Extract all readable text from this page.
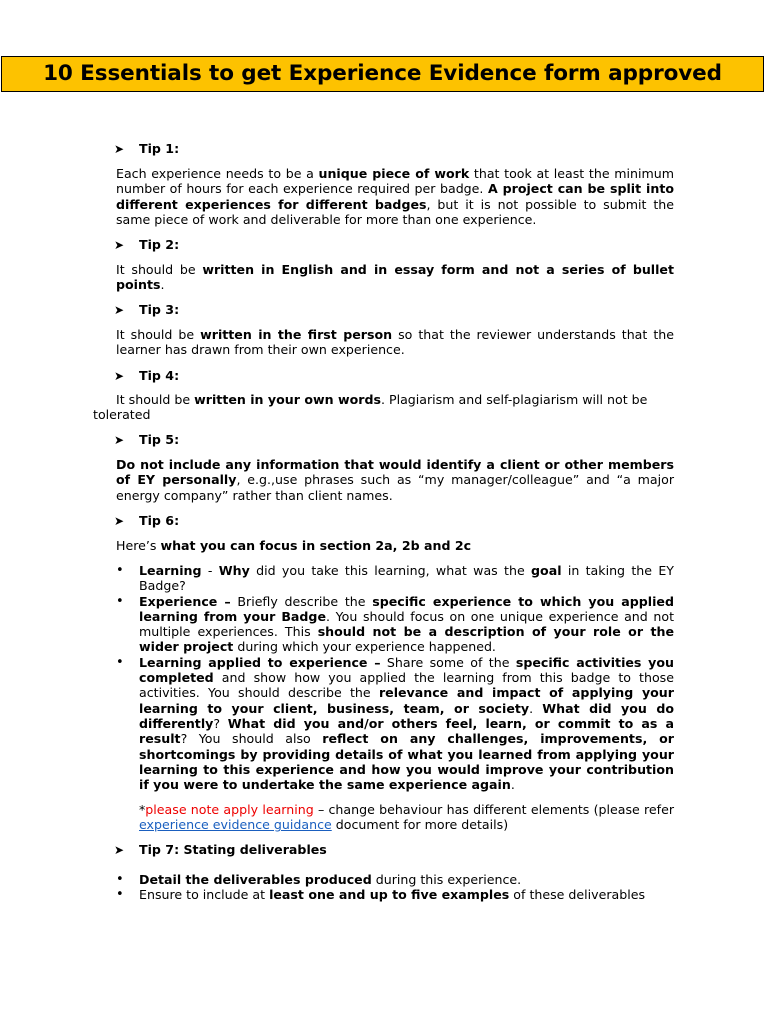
10 Essentials to get Experience Evidence form approved
➤ Tip 1:
Each experience needs to be a unique piece of work that took at least the minimum number of hours for each experience required per badge. A project can be split into different experiences for different badges, but it is not possible to submit the same piece of work and deliverable for more than one experience.
➤ Tip 2:
It should be written in English and in essay form and not a series of bullet points.
➤ Tip 3:
It should be written in the first person so that the reviewer understands that the learner has drawn from their own experience.
➤ Tip 4:
It should be written in your own words. Plagiarism and self-plagiarism will not be
tolerated
➤ Tip 5:
Do not include any information that would identify a client or other members of EY personally, e.g.,use phrases such as “my manager/colleague” and “a major energy company” rather than client names.
➤ Tip 6:
Here’s what you can focus in section 2a, 2b and 2c
• Learning - Why did you take this learning, what was the goal in taking the EY Badge?
• Experience – Briefly describe the specific experience to which you applied learning from your Badge. You should focus on one unique experience and not multiple experiences. This should not be a description of your role or the wider project during which your experience happened.
• Learning applied to experience – Share some of the specific activities you completed and show how you applied the learning from this badge to those activities. You should describe the relevance and impact of applying your learning to your client, business, team, or society. What did you do differently? What did you and/or others feel, learn, or commit to as a result? You should also reflect on any challenges, improvements, or shortcomings by providing details of what you learned from applying your learning to this experience and how you would improve your contribution if you were to undertake the same experience again.
*please note apply learning – change behaviour has different elements (please refer experience evidence guidance document for more details)
➤ Tip 7: Stating deliverables
• Detail the deliverables produced during this experience.
• Ensure to include at least one and up to five examples of these deliverables
